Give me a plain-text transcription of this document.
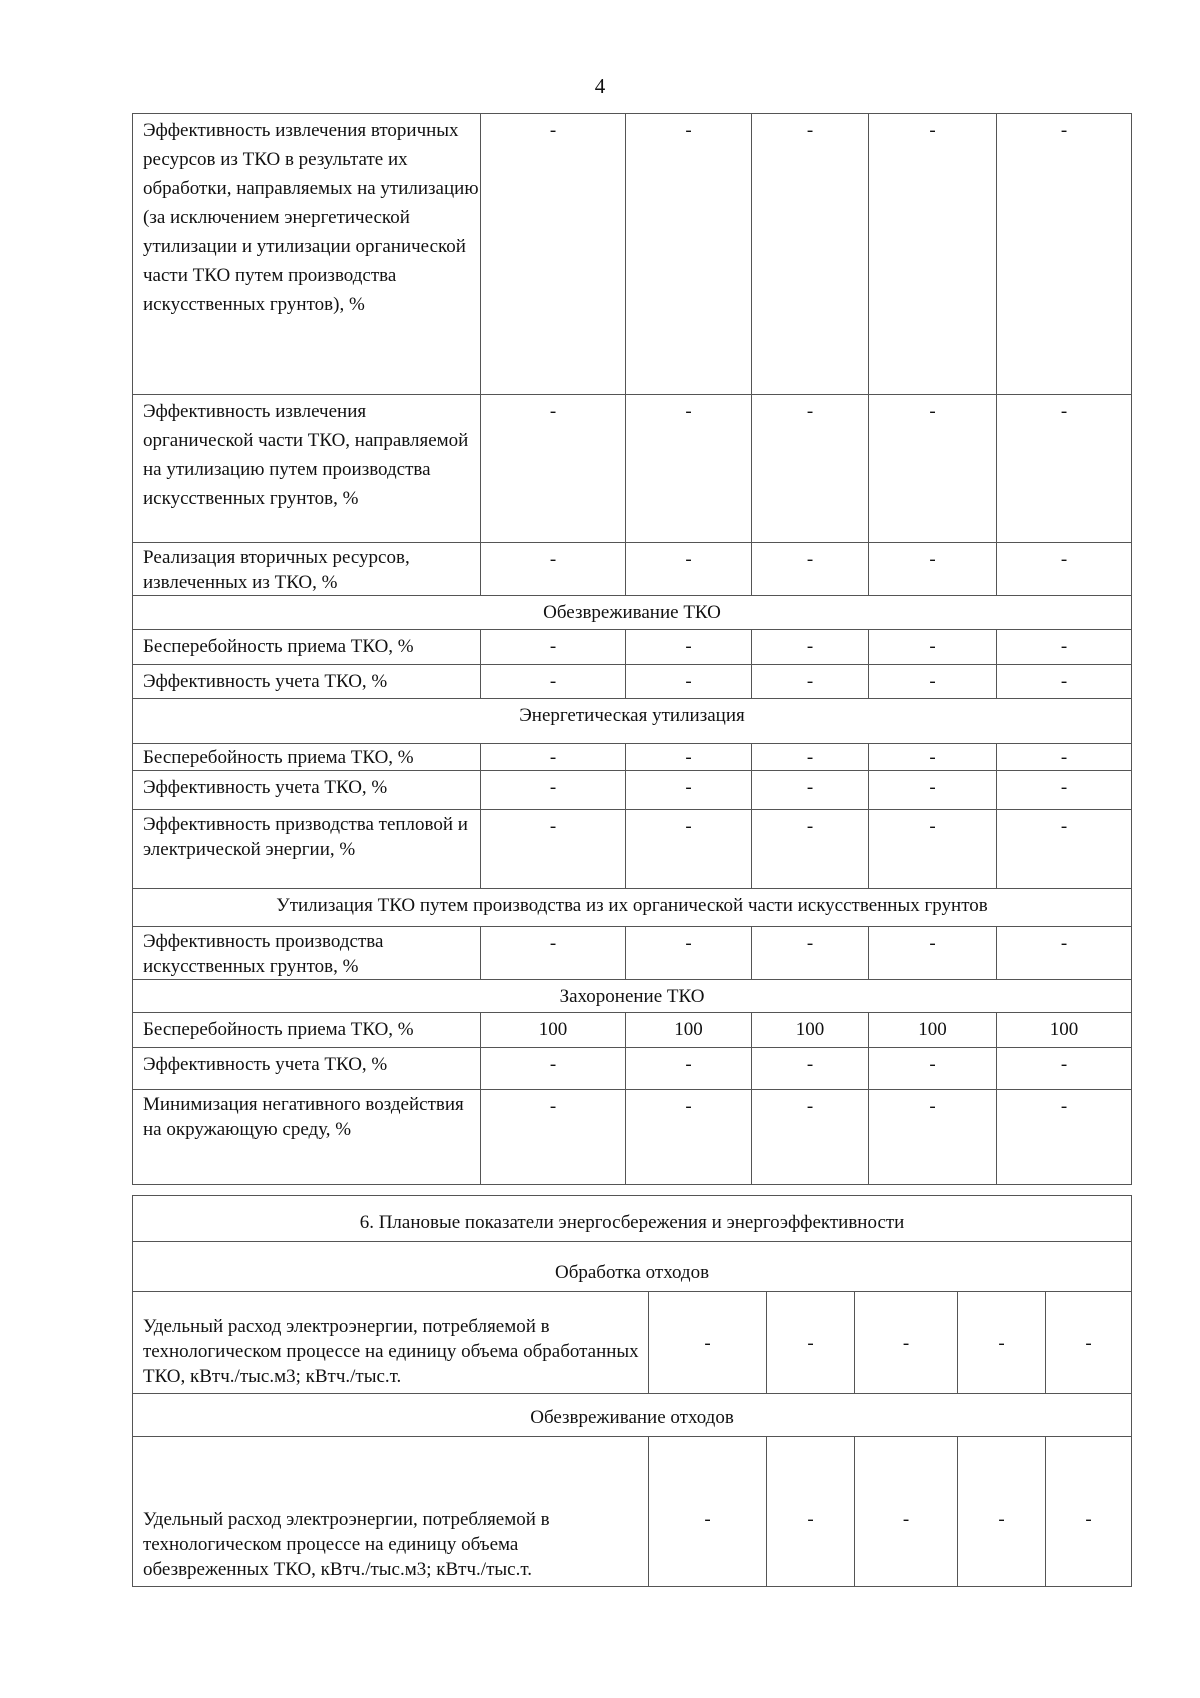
4
Эффективность извлечения вторичных ресурсов из ТКО в результате их обработки, направляемых на утилизацию (за исключением энергетической утилизации и утилизации органической части ТКО путем производства искусственных грунтов), %	-	-	-	-	-
Эффективность извлечения органической части ТКО, направляемой на утилизацию путем производства искусственных грунтов, %	-	-	-	-	-
Реализация вторичных ресурсов, извлеченных из ТКО, %	-	-	-	-	-
Обезвреживание ТКО					
Бесперебойность приема ТКО, %	-	-	-	-	-
Эффективность учета ТКО, %	-	-	-	-	-
Энергетическая утилизация					
Бесперебойность приема ТКО, %	-	-	-	-	-
Эффективность учета ТКО, %	-	-	-	-	-
Эффективность призводства тепловой и электрической энергии, %	-	-	-	-	-
Утилизация ТКО путем производства из их органической части искусственных грунтов					
Эффективность производства искусственных грунтов, %	-	-	-	-	-
Захоронение ТКО					
Бесперебойность приема ТКО, %	100	100	100	100	100
Эффективность учета ТКО, %	-	-	-	-	-
Минимизация негативного воздействия на окружающую среду, %	-	-	-	-	-
6. Плановые показатели энергосбережения и энергоэффективности					
Обработка отходов					
Удельный расход электроэнергии, потребляемой в технологическом процессе на единицу объема обработанных ТКО, кВтч./тыс.м3; кВтч./тыс.т.	-	-	-	-	-
Обезвреживание отходов					
Удельный расход электроэнергии, потребляемой в технологическом процессе на единицу объема обезвреженных ТКО, кВтч./тыс.м3; кВтч./тыс.т.	-	-	-	-	-
